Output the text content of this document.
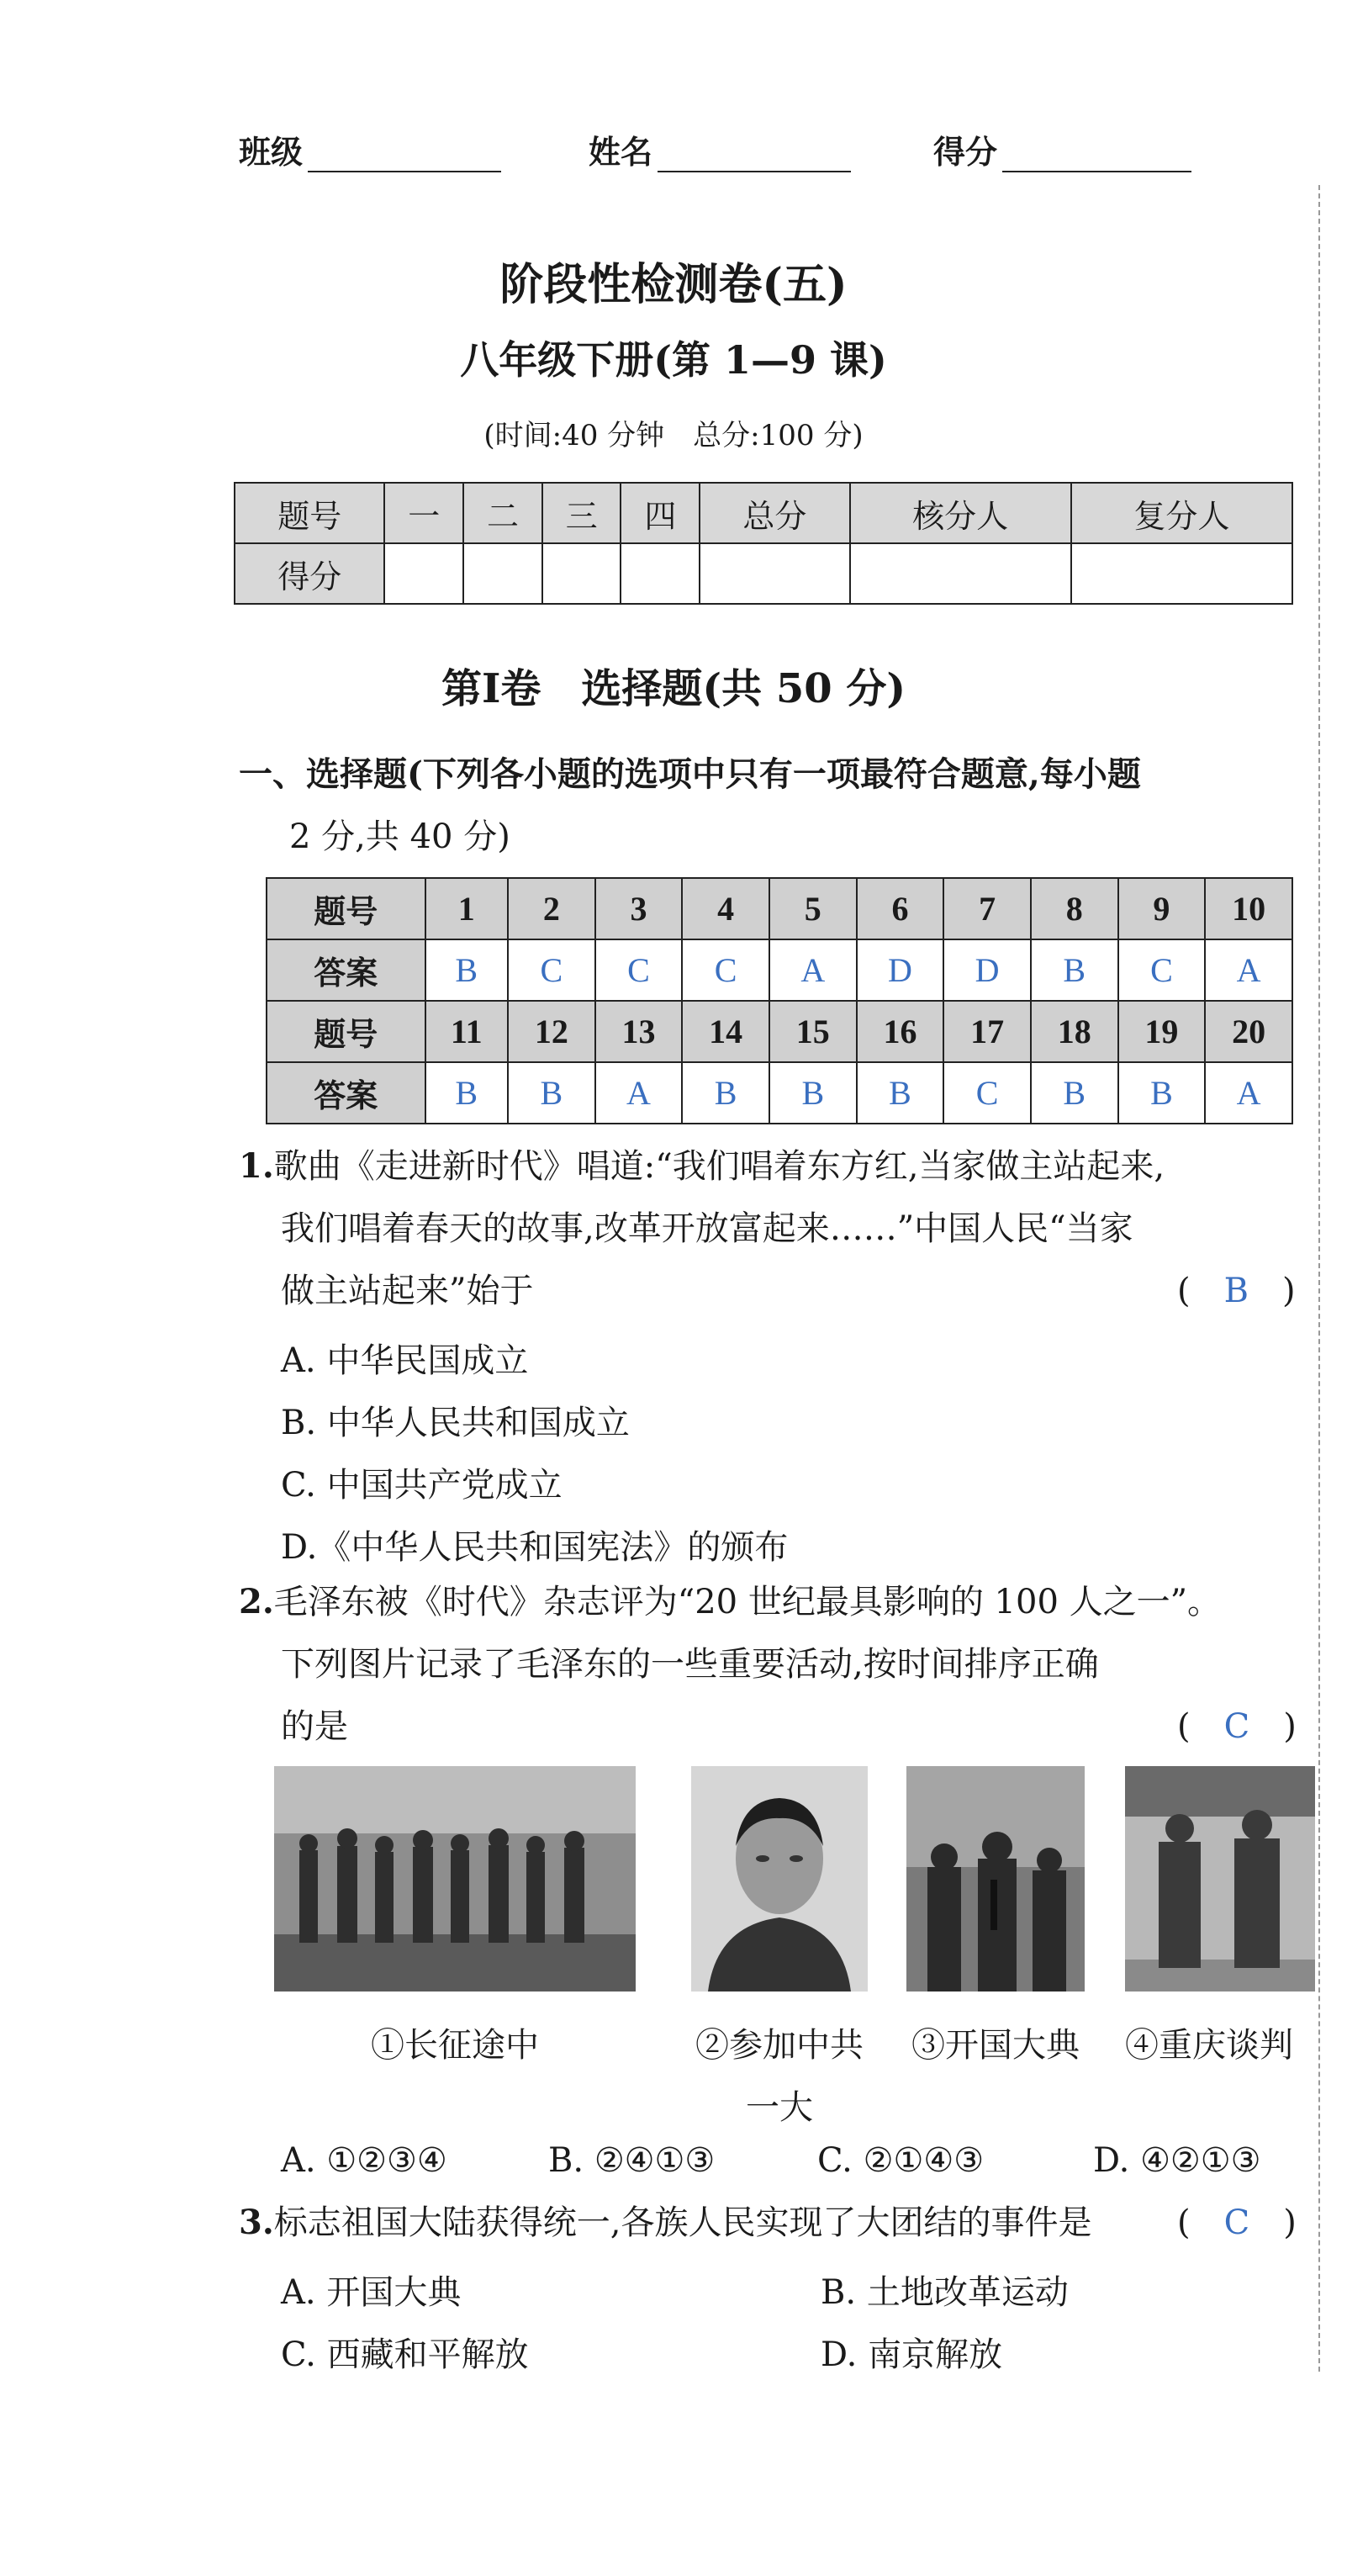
班级	姓名	得分
阶段性检测卷(五)
八年级下册(第 1—9 课)
(时间:40 分钟　总分:100 分)
题号	一	二	三	四	总分	核分人	复分人
得分							
第Ⅰ卷　选择题(共 50 分)
一、选择题(下列各小题的选项中只有一项最符合题意,每小题
2 分,共 40 分)
题号	1	2	3	4	5	6	7	8	9	10
答案	B	C	C	C	A	D	D	B	C	A
题号	11	12	13	14	15	16	17	18	19	20
答案	B	B	A	B	B	B	C	B	B	A
1.歌曲《走进新时代》唱道:“我们唱着东方红,当家做主站起来,
我们唱着春天的故事,改革开放富起来……”中国人民“当家
做主站起来”始于	(　B　)
A. 中华民国成立
B. 中华人民共和国成立
C. 中国共产党成立
D.《中华人民共和国宪法》的颁布
2.毛泽东被《时代》杂志评为“20 世纪最具影响的 100 人之一”。
下列图片记录了毛泽东的一些重要活动,按时间排序正确
的是	(　C　)
①长征途中	②参加中共
一大
③开国大典	④重庆谈判
A. ①②③④	B. ②④①③	C. ②①④③	D. ④②①③
3.标志祖国大陆获得统一,各族人民实现了大团结的事件是	(　C　)
A. 开国大典	B. 土地改革运动
C. 西藏和平解放	D. 南京解放
